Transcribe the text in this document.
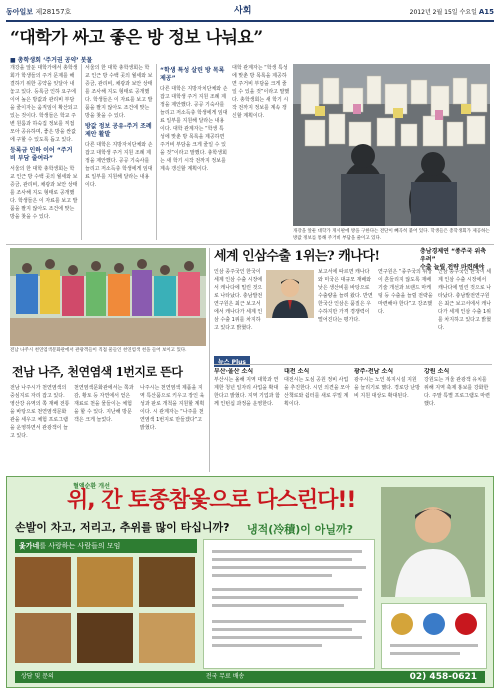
동아일보 제28157호	사회	2012년 2월 15일 수요일 A15
“대학가 싸고 좋은 방 정보 나눠요”
■ 총학생회 ‘주거권 공약’ 봇물
개강을 앞둔 대학가에서 총학생회가 학생들의 주거 문제를 해결하기 위한 공약을 잇달아 내놓고 있다. 등록금 인하 요구에 이어 높은 방값과 관리비 부담을 줄이자는 움직임이 확산되고 있는 것이다. 학생들은 학교 주변 원룸과 하숙집 정보를 직접 모아 공유하며, 좋은 방을 싼값에 구할 수 있도록 돕고 있다.
등록금 인하 이어 “주거비 부담 줄여라”
서울의 한 대학 총학생회는 학교 인근 방 수백 곳의 월세와 보증금, 관리비, 채광과 보안 상태를 조사해 지도 형태로 공개했다. 학생들은 이 자료를 보고 발품을 팔지 않아도 조건에 맞는 방을 찾을 수 있다.
서울의 한 대학 총학생회는 학교 인근 방 수백 곳의 월세와 보증금, 관리비, 채광과 보안 상태를 조사해 지도 형태로 공개했다. 학생들은 이 자료를 보고 발품을 팔지 않아도 조건에 맞는 방을 찾을 수 있다.
방값 정보 공유-주거 조례 제안 활발
다른 대학은 지방자치단체와 손잡고 대학생 주거 지원 조례 제정을 제안했다. 공공 기숙사를 늘리고 저소득층 학생에게 임대료 일부를 지원해 달라는 내용이다.
“학생 특성 살린 방 목록 제공”
다른 대학은 지방자치단체와 손잡고 대학생 주거 지원 조례 제정을 제안했다. 공공 기숙사를 늘리고 저소득층 학생에게 임대료 일부를 지원해 달라는 내용이다. 대학 관계자는 “학생 특성에 맞춘 방 목록을 제공하면 주거비 부담을 크게 줄일 수 있을 것”이라고 말했다. 총학생회는 새 학기 시작 전까지 정보를 계속 갱신할 계획이다.
대학 관계자는 “학생 특성에 맞춘 방 목록을 제공하면 주거비 부담을 크게 줄일 수 있을 것”이라고 말했다. 총학생회는 새 학기 시작 전까지 정보를 계속 갱신할 계획이다.
개강을 앞둔 대학가 게시판에 방을 구한다는 전단이 빼곡히 붙어 있다. 학생들은 총학생회가 제공하는 방값 정보를 통해 주거비 부담을 줄이고 있다.
전남 나주시 천연염색문화관에서 관광객들이 직접 물들인 천연염색 천을 들어 보이고 있다.
전남 나주, 천연염색 1번지로 뜬다
전남 나주시가 천연염색의 중심지로 자리 잡고 있다. 영산강 유역의 쪽 재배 전통을 바탕으로 천연염색문화관을 세우고 체험 프로그램을 운영하면서 관광객이 늘고 있다.
천연염색문화관에서는 쪽과 감, 황토 등 자연에서 얻은 재료로 천을 물들이는 체험을 할 수 있다. 지난해 방문객은 크게 늘었다.
나주시는 천연염색 제품을 지역 특산품으로 키우고 장인 육성과 판로 개척을 지원할 계획이다. 시 관계자는 “나주를 천연염색 1번지로 만들겠다”고 밝혔다.
세계 인삼수출 1위는? 캐나다!	충남경제연 “종주국 위축 우려”
수출 늘릴 전략 마련해야
인삼 종주국인 한국이 세계 인삼 수출 시장에서 캐나다에 밀린 것으로 나타났다. 충남발전연구원은 최근 보고서에서 캐나다가 세계 인삼 수출 1위를 차지하고 있다고 밝혔다.
보고서에 따르면 캐나다와 미국은 대규모 재배와 낮은 생산비를 바탕으로 수출량을 늘려 왔다. 반면 한국산 인삼은 품질은 우수하지만 가격 경쟁력이 떨어진다는 평가다.
연구원은 “종주국의 위상이 흔들리지 않도록 재배 기술 개선과 브랜드 마케팅 등 수출을 늘릴 전략을 마련해야 한다”고 강조했다.
인삼 종주국인 한국이 세계 인삼 수출 시장에서 캐나다에 밀린 것으로 나타났다. 충남발전연구원은 최근 보고서에서 캐나다가 세계 인삼 수출 1위를 차지하고 있다고 밝혔다.
뉴스 Plus
부산·울산 소식
부산시는 올해 지역 대학과 연계한 청년 일자리 사업을 확대한다고 밝혔다. 지역 기업과 함께 인턴십 과정을 운영한다.
대전 소식
대전시는 도심 공원 정비 사업을 추진한다. 시민 의견을 모아 산책로와 쉼터를 새로 꾸밀 계획이다.
광주·전남 소식
광주시는 노인 복지시설 지원을 늘리기로 했다. 경로당 난방비 지원 대상도 확대된다.
강원 소식
강원도는 겨울 관광객 유치를 위해 지역 축제 홍보를 강화한다. 주말 특별 프로그램도 마련했다.
혈액순환 개선
위, 간 토종참옻으로 다스린다!!
손발이 차고, 저리고, 추위를 많이 타십니까? 냉적(冷積)이 아닐까?
옻가네를 사랑하는 사람들의 모임
상담 및 문의	전국 무료 배송	02) 458-0621
